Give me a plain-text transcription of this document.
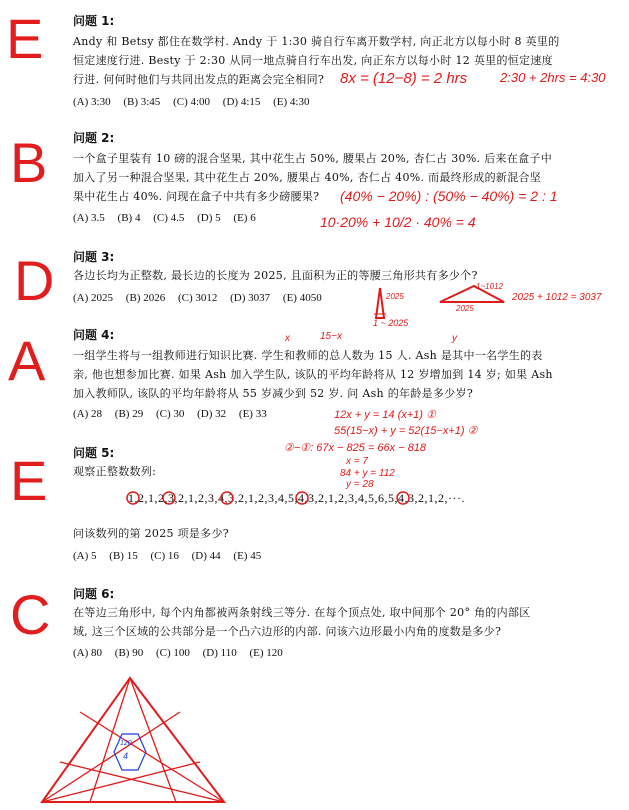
E
B
D
A
E
C
问题 1:
Andy 和 Betsy 都住在数学村. Andy 于 1:30 骑自行车离开数学村, 向正北方以每小时 8 英里的
恒定速度行进. Besty 于 2:30 从同一地点骑自行车出发, 向正东方以每小时 12 英里的恒定速度
行进. 何何时他们与共同出发点的距离会完全相同?
(A) 3:30 (B) 3:45 (C) 4:00 (D) 4:15 (E) 4:30
8x = (12−8) = 2 hrs	2:30 + 2hrs = 4:30
问题 2:
一个盒子里装有 10 磅的混合坚果, 其中花生占 50%, 腰果占 20%, 杏仁占 30%. 后来在盒子中
加入了另一种混合坚果, 其中花生占 20%, 腰果占 40%, 杏仁占 40%. 而最终形成的新混合坚
果中花生占 40%. 问现在盒子中共有多少磅腰果?
(A) 3.5 (B) 4 (C) 4.5 (D) 5 (E) 6
(40% − 20%) : (50% − 40%) = 2 : 1
10·20% + 10/2 · 40% = 4
问题 3:
各边长均为正整数, 最长边的长度为 2025, 且面积为正的等腰三角形共有多少个?
(A) 2025 (B) 2026 (C) 3012 (D) 3037 (E) 4050	2025
1 ~ 2025
2025
1~1012
2025 + 1012 = 3037
问题 4:
一组学生将与一组教师进行知识比赛. 学生和教师的总人数为 15 人. Ash 是其中一名学生的表
亲, 他也想参加比赛. 如果 Ash 加入学生队, 该队的平均年龄将从 12 岁增加到 14 岁; 如果 Ash
加入教师队, 该队的平均年龄将从 55 岁减少到 52 岁. 问 Ash 的年龄是多少岁?
(A) 28 (B) 29 (C) 30 (D) 32 (E) 33
x	15−x	y
12x + y = 14 (x+1) ①
55(15−x) + y = 52(15−x+1) ②
②−①: 67x − 825 = 66x − 818
x = 7
84 + y = 112
y = 28
问题 5:
观察正整数数列:
1,2,1,2,3,2,1,2,3,4,3,2,1,2,3,4,5,4,3,2,1,2,3,4,5,6,5,4,3,2,1,2,···.
问该数列的第 2025 项是多少?
(A) 5 (B) 15 (C) 16 (D) 44 (E) 45
问题 6:
在等边三角形中, 每个内角都被两条射线三等分. 在每个顶点处, 取中间那个 20° 角的内部区
域, 这三个区域的公共部分是一个凸六边形的内部. 问该六边形最小内角的度数是多少?
(A) 80 (B) 90 (C) 100 (D) 110 (E) 120
120
4
